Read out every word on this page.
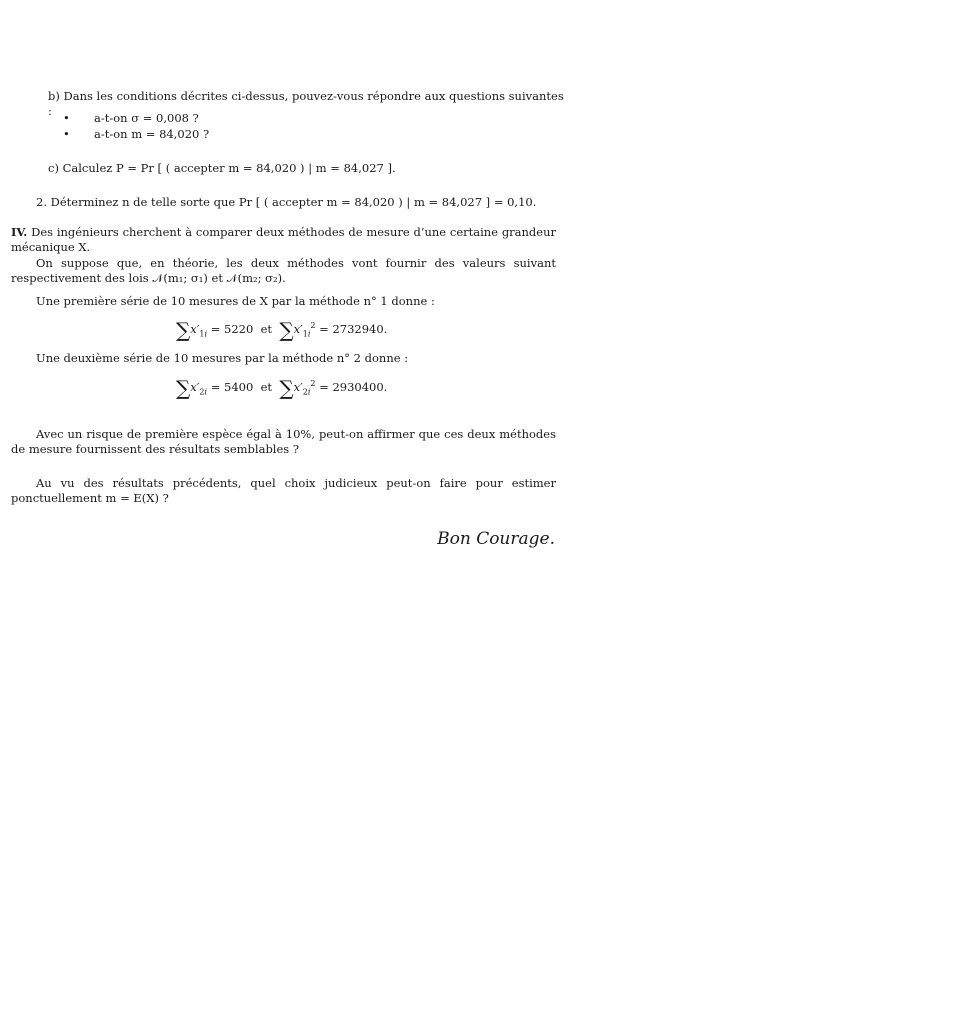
b) Dans les conditions décrites ci-dessus, pouvez-vous répondre aux questions suivantes : • a-t-on σ = 0,008 ?
• a-t-on m = 84,020 ?
c) Calculez P = Pr [ ( accepter m = 84,020 ) | m = 84,027 ].
2. Déterminez n de telle sorte que Pr [ ( accepter m = 84,020 ) | m = 84,027 ] = 0,10.
IV. Des ingénieurs cherchent à comparer deux méthodes de mesure d’une certaine grandeur mécanique X.
On suppose que, en théorie, les deux méthodes vont fournir des valeurs suivant respectivement des lois 𝒩(m₁; σ₁) et 𝒩(m₂; σ₂).
Une première série de 10 mesures de X par la méthode n° 1 donne :
$\sum x'_{1i} = 5220$  et  $\sum x'_{1i}^2 = 2732940$.
Une deuxième série de 10 mesures par la méthode n° 2 donne :
$\sum x'_{2i} = 5400$  et  $\sum x'_{2i}^2 = 2930400$.
Avec un risque de première espèce égal à 10%, peut-on affirmer que ces deux méthodes de mesure fournissent des résultats semblables ?
Au vu des résultats précédents, quel choix judicieux peut-on faire pour estimer ponctuellement m = E(X) ?
Bon Courage.
